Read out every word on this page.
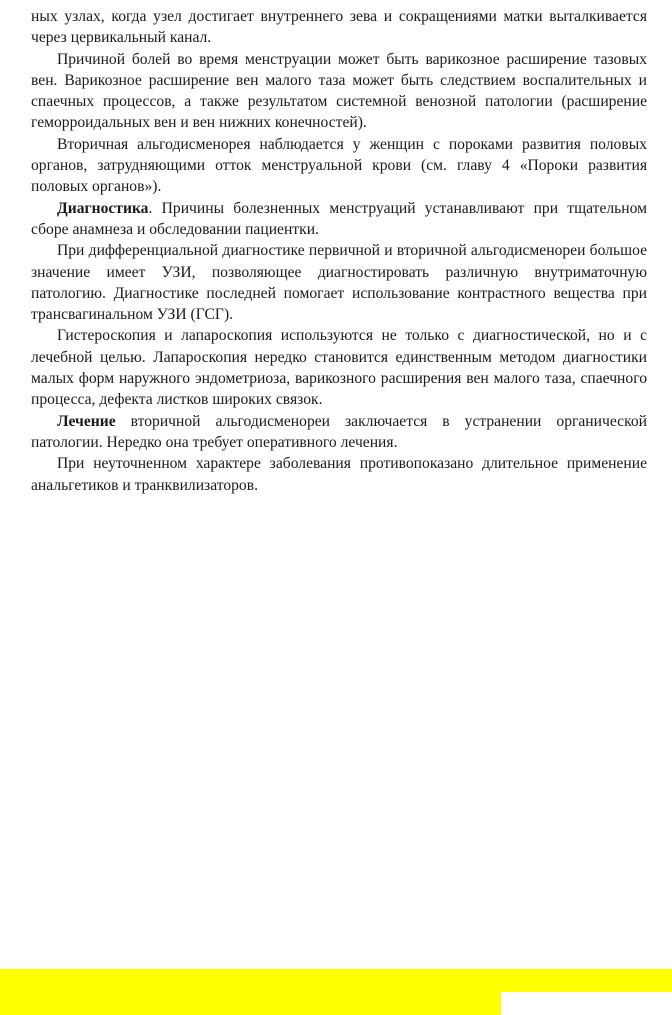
ных узлах, когда узел достигает внутреннего зева и сокращениями матки выталкивается через цервикальный канал.

Причиной болей во время менструации может быть варикозное расширение тазовых вен. Варикозное расширение вен малого таза может быть следствием воспалительных и спаечных процессов, а также результатом системной венозной патологии (расширение геморроидальных вен и вен нижних конечностей).

Вторичная альгодисменорея наблюдается у женщин с пороками развития половых органов, затрудняющими отток менструальной крови (см. главу 4 «Пороки развития половых органов»).

Диагностика. Причины болезненных менструаций устанавливают при тщательном сборе анамнеза и обследовании пациентки.

При дифференциальной диагностике первичной и вторичной альгодисменореи большое значение имеет УЗИ, позволяющее диагностировать различную внутриматочную патологию. Диагностике последней помогает использование контрастного вещества при трансвагинальном УЗИ (ГСГ).

Гистероскопия и лапароскопия используются не только с диагностической, но и с лечебной целью. Лапароскопия нередко становится единственным методом диагностики малых форм наружного эндометриоза, варикозного расширения вен малого таза, спаечного процесса, дефекта листков широких связок.

Лечение вторичной альгодисменореи заключается в устранении органической патологии. Нередко она требует оперативного лечения.

При неуточненном характере заболевания противопоказано длительное применение анальгетиков и транквилизаторов.
